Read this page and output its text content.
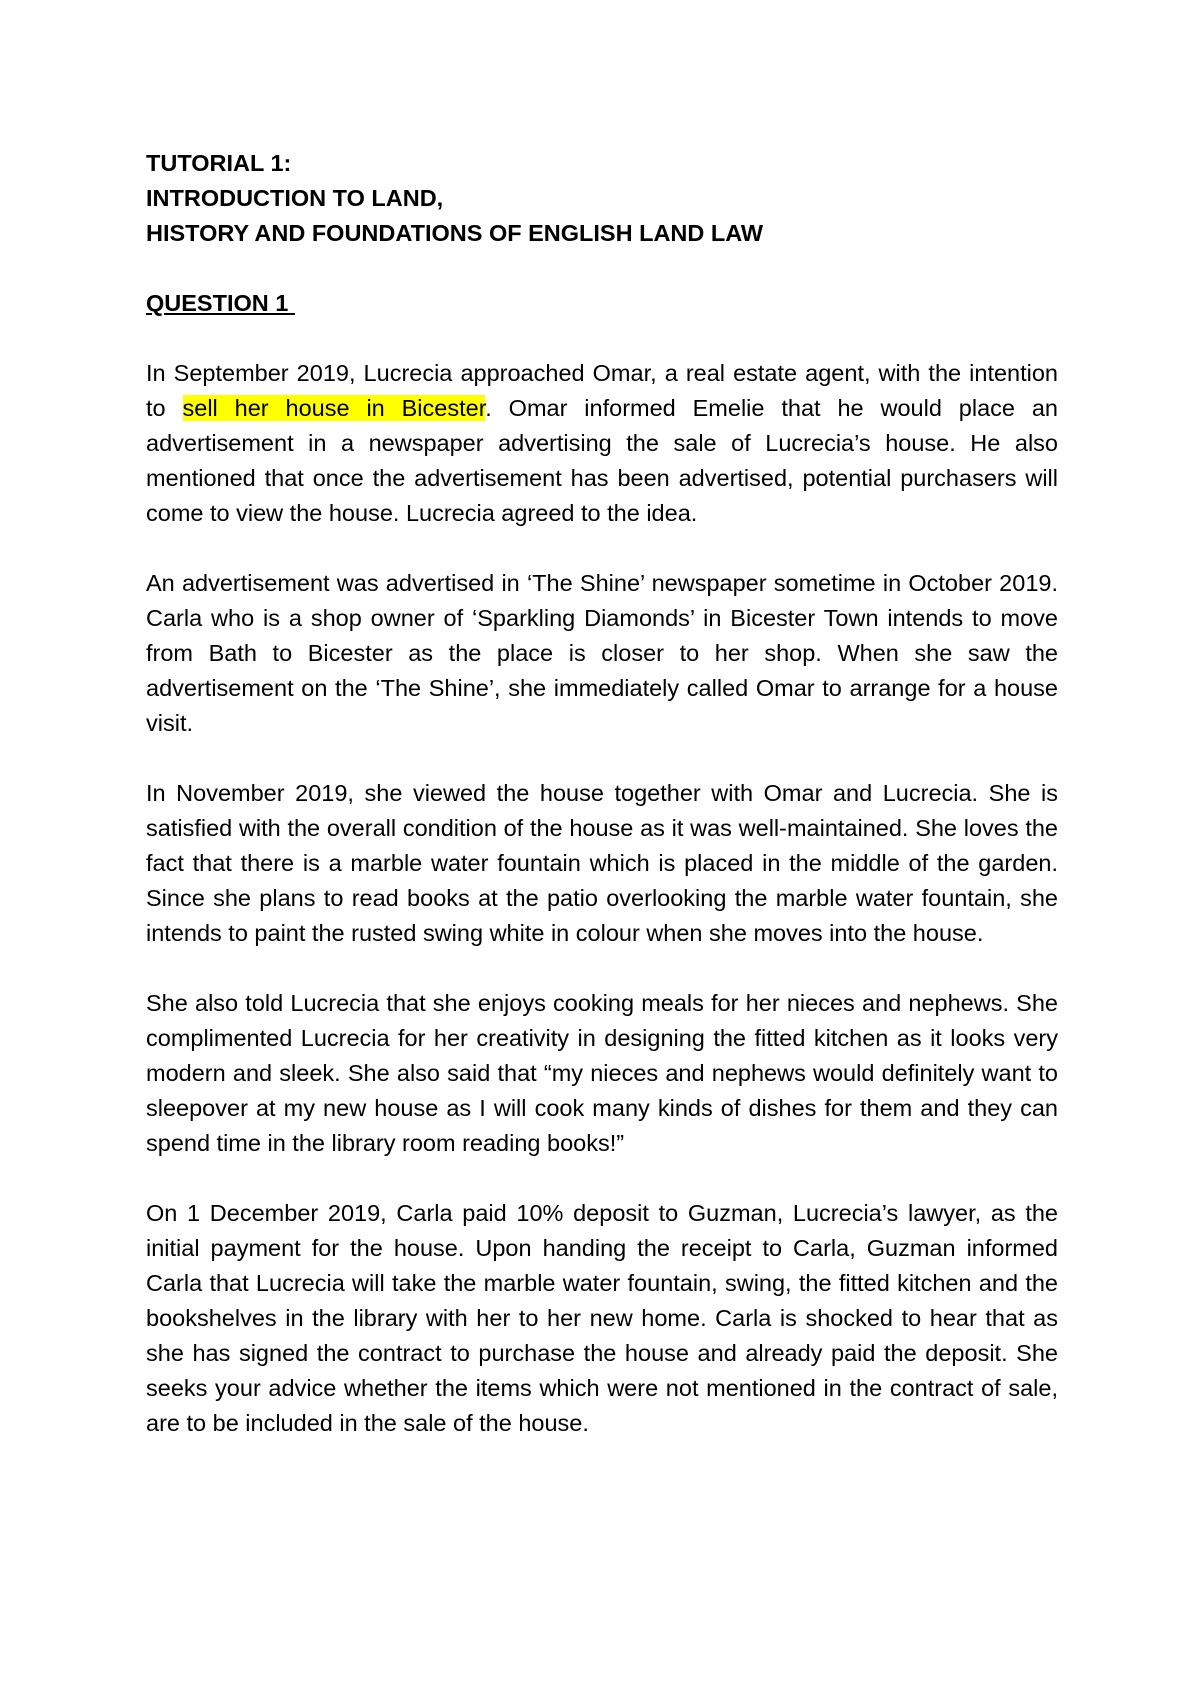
TUTORIAL 1:
INTRODUCTION TO LAND,
HISTORY AND FOUNDATIONS OF ENGLISH LAND LAW
QUESTION 1

In September 2019, Lucrecia approached Omar, a real estate agent, with the intention to sell her house in Bicester. Omar informed Emelie that he would place an advertisement in a newspaper advertising the sale of Lucrecia’s house. He also mentioned that once the advertisement has been advertised, potential purchasers will come to view the house. Lucrecia agreed to the idea.

An advertisement was advertised in ‘The Shine’ newspaper sometime in October 2019. Carla who is a shop owner of ‘Sparkling Diamonds’ in Bicester Town intends to move from Bath to Bicester as the place is closer to her shop. When she saw the advertisement on the ‘The Shine’, she immediately called Omar to arrange for a house visit.

In November 2019, she viewed the house together with Omar and Lucrecia. She is satisfied with the overall condition of the house as it was well-maintained. She loves the fact that there is a marble water fountain which is placed in the middle of the garden. Since she plans to read books at the patio overlooking the marble water fountain, she intends to paint the rusted swing white in colour when she moves into the house.

She also told Lucrecia that she enjoys cooking meals for her nieces and nephews. She complimented Lucrecia for her creativity in designing the fitted kitchen as it looks very modern and sleek. She also said that “my nieces and nephews would definitely want to sleepover at my new house as I will cook many kinds of dishes for them and they can spend time in the library room reading books!”

On 1 December 2019, Carla paid 10% deposit to Guzman, Lucrecia’s lawyer, as the initial payment for the house. Upon handing the receipt to Carla, Guzman informed Carla that Lucrecia will take the marble water fountain, swing, the fitted kitchen and the bookshelves in the library with her to her new home. Carla is shocked to hear that as she has signed the contract to purchase the house and already paid the deposit. She seeks your advice whether the items which were not mentioned in the contract of sale, are to be included in the sale of the house.
